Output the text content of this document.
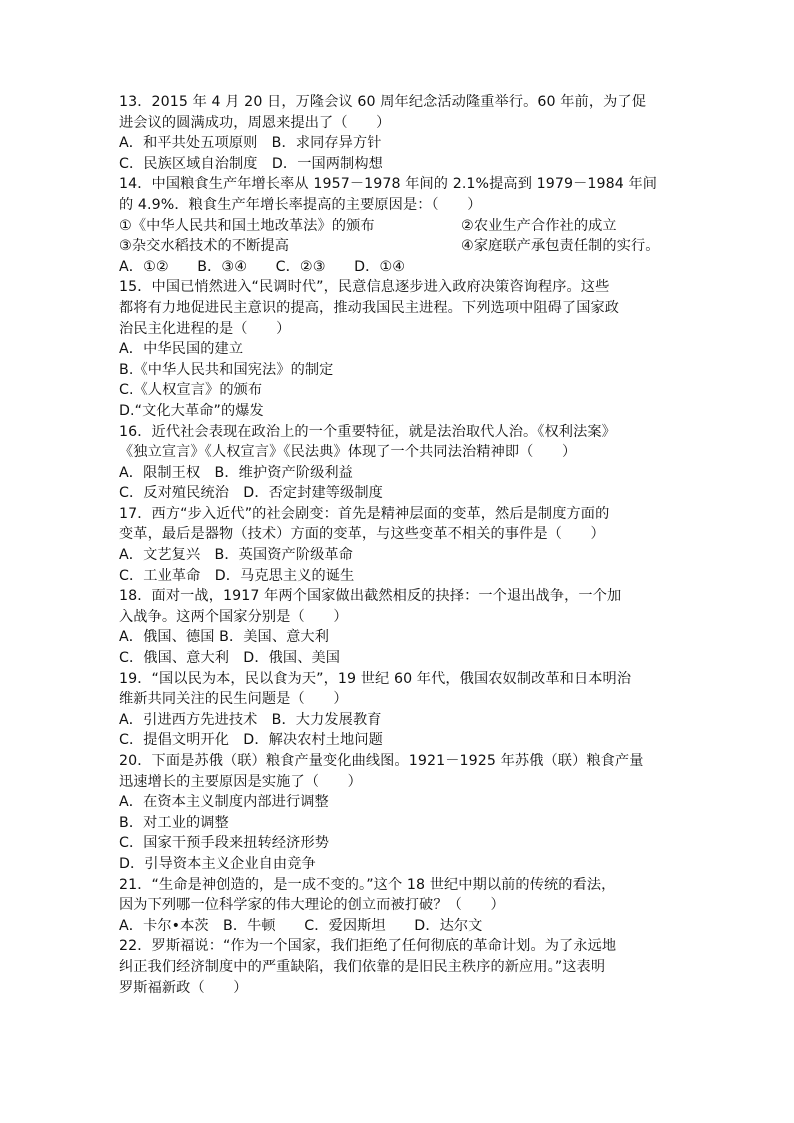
13．2015 年 4 月 20 日，万隆会议 60 周年纪念活动隆重举行。60 年前，为了促
进会议的圆满成功，周恩来提出了（　　）
A．和平共处五项原则　B．求同存异方针
C．民族区域自治制度　D．一国两制构想
14．中国粮食生产年增长率从 1957－1978 年间的 2.1%提高到 1979－1984 年间
的 4.9%．粮食生产年增长率提高的主要原因是：（　　）
①《中华人民共和国土地改革法》的颁布	②农业生产合作社的成立
③杂交水稻技术的不断提高	④家庭联产承包责任制的实行。
A．①②　　B．③④　　C．②③　　D．①④
15．中国已悄然进入“民调时代”，民意信息逐步进入政府决策咨询程序。这些
都将有力地促进民主意识的提高，推动我国民主进程。下列选项中阻碍了国家政
治民主化进程的是（　　）
A．中华民国的建立
B.《中华人民共和国宪法》的制定
C.《人权宣言》的颁布
D.“文化大革命”的爆发
16．近代社会表现在政治上的一个重要特征，就是法治取代人治。《权利法案》
《独立宣言》《人权宣言》《民法典》体现了一个共同法治精神即（　　）
A．限制王权　B．维护资产阶级利益
C．反对殖民统治　D．否定封建等级制度
17．西方“步入近代”的社会剧变：首先是精神层面的变革，然后是制度方面的
变革，最后是器物（技术）方面的变革，与这些变革不相关的事件是（　　）
A．文艺复兴　B．英国资产阶级革命
C．工业革命　D．马克思主义的诞生
18．面对一战，1917 年两个国家做出截然相反的抉择：一个退出战争，一个加
入战争。这两个国家分别是（　　）
A．俄国、德国 B．美国、意大利
C．俄国、意大利　D．俄国、美国
19．“国以民为本，民以食为天”，19 世纪 60 年代，俄国农奴制改革和日本明治
维新共同关注的民生问题是（　　）
A．引进西方先进技术　B．大力发展教育
C．提倡文明开化　D．解决农村土地问题
20．下面是苏俄（联）粮食产量变化曲线图。1921－1925 年苏俄（联）粮食产量
迅速增长的主要原因是实施了（　　）
A．在资本主义制度内部进行调整
B．对工业的调整
C．国家干预手段来扭转经济形势
D．引导资本主义企业自由竞争
21．“生命是神创造的，是一成不变的。”这个 18 世纪中期以前的传统的看法，
因为下列哪一位科学家的伟大理论的创立而被打破？（　　）
A．卡尔•本茨　B．牛顿　　C．爱因斯坦　　D．达尔文
22．罗斯福说：“作为一个国家，我们拒绝了任何彻底的革命计划。为了永远地
纠正我们经济制度中的严重缺陷，我们依靠的是旧民主秩序的新应用。”这表明
罗斯福新政（　　）
